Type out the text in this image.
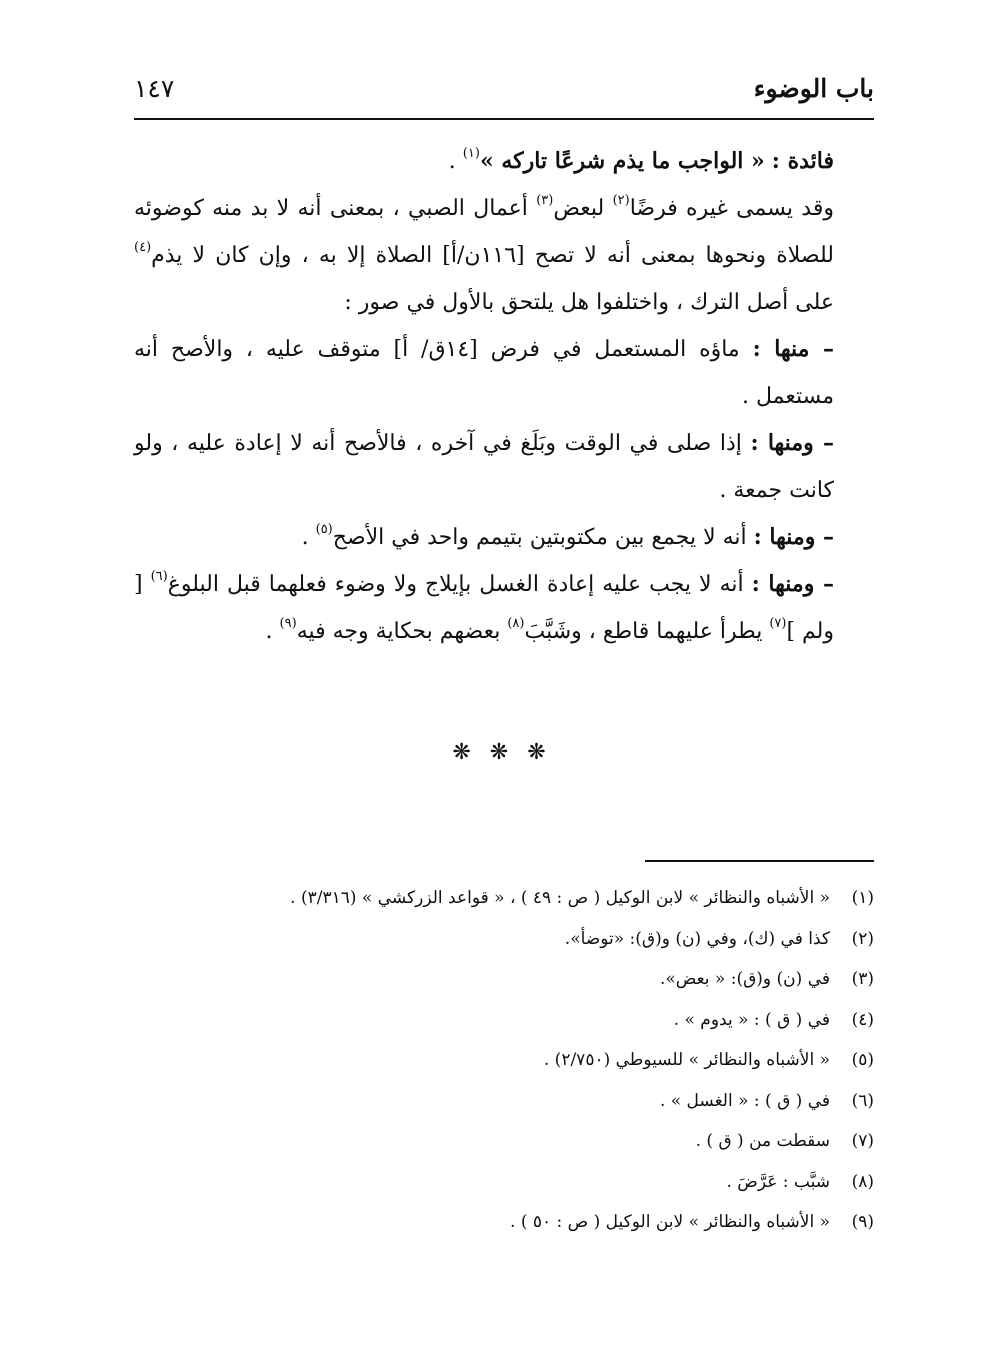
باب الوضوء
١٤٧

فائدة : « الواجب ما يذم شرعًا تاركه »$^{(١)}$ .

وقد يسمى غيره فرضًا$^{(٢)}$ لبعض$^{(٣)}$ أعمال الصبي ، بمعنى أنه لا بد منه كوضوئه للصلاة ونحوها بمعنى أنه لا تصح [١١٦ن/أ] الصلاة إلا به ، وإن كان لا يذم$^{(٤)}$ على أصل الترك ، واختلفوا هل يلتحق بالأول في صور :

– منها : ماؤه المستعمل في فرض [١٤ق/ أ] متوقف عليه ، والأصح أنه مستعمل .

– ومنها : إذا صلى في الوقت وبَلَغ في آخره ، فالأصح أنه لا إعادة عليه ، ولو كانت جمعة .

– ومنها : أنه لا يجمع بين مكتوبتين بتيمم واحد في الأصح$^{(٥)}$ .

– ومنها : أنه لا يجب عليه إعادة الغسل بإيلاج ولا وضوء فعلهما قبل البلوغ$^{(٦)}$ [ ولم ]$^{(٧)}$ يطرأ عليهما قاطع ، وشَبَّبَ$^{(٨)}$ بعضهم بحكاية وجه فيه$^{(٩)}$ .

❋ ❋ ❋
(١)« الأشباه والنظائر » لابن الوكيل ( ص : ٤٩ ) ، « قواعد الزركشي » (٣/٣١٦) .
(٢)كذا في (ك)، وفي (ن) و(ق): «توضأ».
(٣)في (ن) و(ق): « بعض».
(٤)في ( ق ) : « يدوم » .
(٥)« الأشباه والنظائر » للسيوطي (٢/٧٥٠) .
(٦)في ( ق ) : « الغسل » .
(٧)سقطت من ( ق ) .
(٨)شبَّب : عَرَّضَ .
(٩)« الأشباه والنظائر » لابن الوكيل ( ص : ٥٠ ) .
